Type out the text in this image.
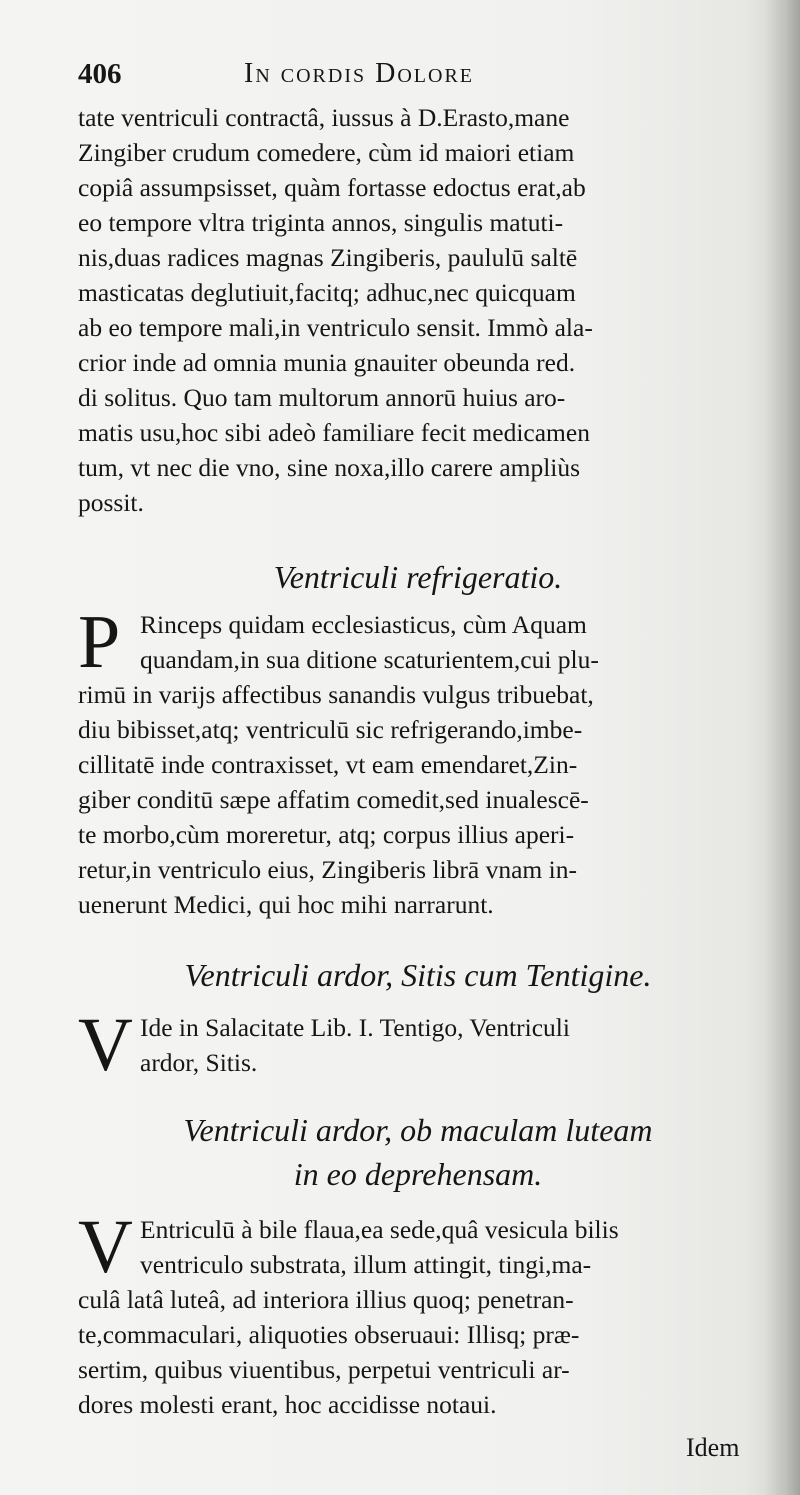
406	In cordis Dolore
tate ventriculi contractâ, iussus à D.Erasto,mane
Zingiber crudum comedere, cùm id maiori etiam
copiâ assumpsisset, quàm fortasse edoctus erat,ab
eo tempore vltra triginta annos, singulis matuti-
nis,duas radices magnas Zingiberis, paululū saltē
masticatas deglutiuit,facitq; adhuc,nec quicquam
ab eo tempore mali,in ventriculo sensit. Immò ala-
crior inde ad omnia munia gnauiter obeunda red.
di solitus. Quo tam multorum annorū huius aro-
matis usu,hoc sibi adeò familiare fecit medicamen
tum, vt nec die vno, sine noxa,illo carere ampliùs
possit.
Ventriculi refrigeratio.
P Rinceps quidam ecclesiasticus, cùm Aquam
quandam,in sua ditione scaturientem,cui plu-
rimū in varijs affectibus sanandis vulgus tribuebat,
diu bibisset,atq; ventriculū sic refrigerando,imbe-
cillitatē inde contraxisset, vt eam emendaret,Zin-
giber conditū sæpe affatim comedit,sed inualescē-
te morbo,cùm moreretur, atq; corpus illius aperi-
retur,in ventriculo eius, Zingiberis librā vnam in-
uenerunt Medici, qui hoc mihi narrarunt.
Ventriculi ardor, Sitis cum Tentigine.
V Ide in Salacitate Lib. I. Tentigo, Ventriculi
ardor, Sitis.
Ventriculi ardor, ob maculam luteam
in eo deprehensam.
V Entriculū à bile flaua,ea sede,quâ vesicula bilis
ventriculo substrata, illum attingit, tingi,ma-
culâ latâ luteâ, ad interiora illius quoq; penetran-
te,commaculari, aliquoties obseruaui: Illisq; præ-
sertim, quibus viuentibus, perpetui ventriculi ar-
dores molesti erant, hoc accidisse notaui.
Idem
